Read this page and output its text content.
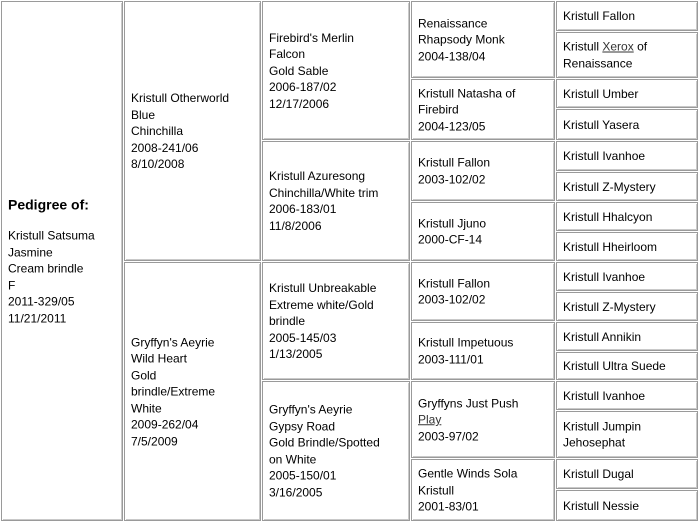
Pedigree of:
Kristull Satsuma
Jasmine
Cream brindle
F
2011-329/05
11/21/2011
Kristull Otherworld
Blue
Chinchilla
2008-241/06
8/10/2008
Gryffyn's Aeyrie
Wild Heart
Gold
brindle/Extreme
White
2009-262/04
7/5/2009
Firebird's Merlin
Falcon
Gold Sable
2006-187/02
12/17/2006
Kristull Azuresong
Chinchilla/White trim
2006-183/01
11/8/2006
Kristull Unbreakable
Extreme white/Gold
brindle
2005-145/03
1/13/2005
Gryffyn's Aeyrie
Gypsy Road
Gold Brindle/Spotted
on White
2005-150/01
3/16/2005
Renaissance
Rhapsody Monk
2004-138/04
Kristull Natasha of
Firebird
2004-123/05
Kristull Fallon
2003-102/02
Kristull Jjuno
2000-CF-14
Kristull Fallon
2003-102/02
Kristull Impetuous
2003-111/01
Gryffyns Just Push
Play
2003-97/02
Gentle Winds Sola
Kristull
2001-83/01
Kristull Fallon
Kristull Xerox of Renaissance
Kristull Umber
Kristull Yasera
Kristull Ivanhoe
Kristull Z-Mystery
Kristull Hhalcyon
Kristull Hheirloom
Kristull Ivanhoe
Kristull Z-Mystery
Kristull Annikin
Kristull Ultra Suede
Kristull Ivanhoe
Kristull Jumpin Jehosephat
Kristull Dugal
Kristull Nessie
